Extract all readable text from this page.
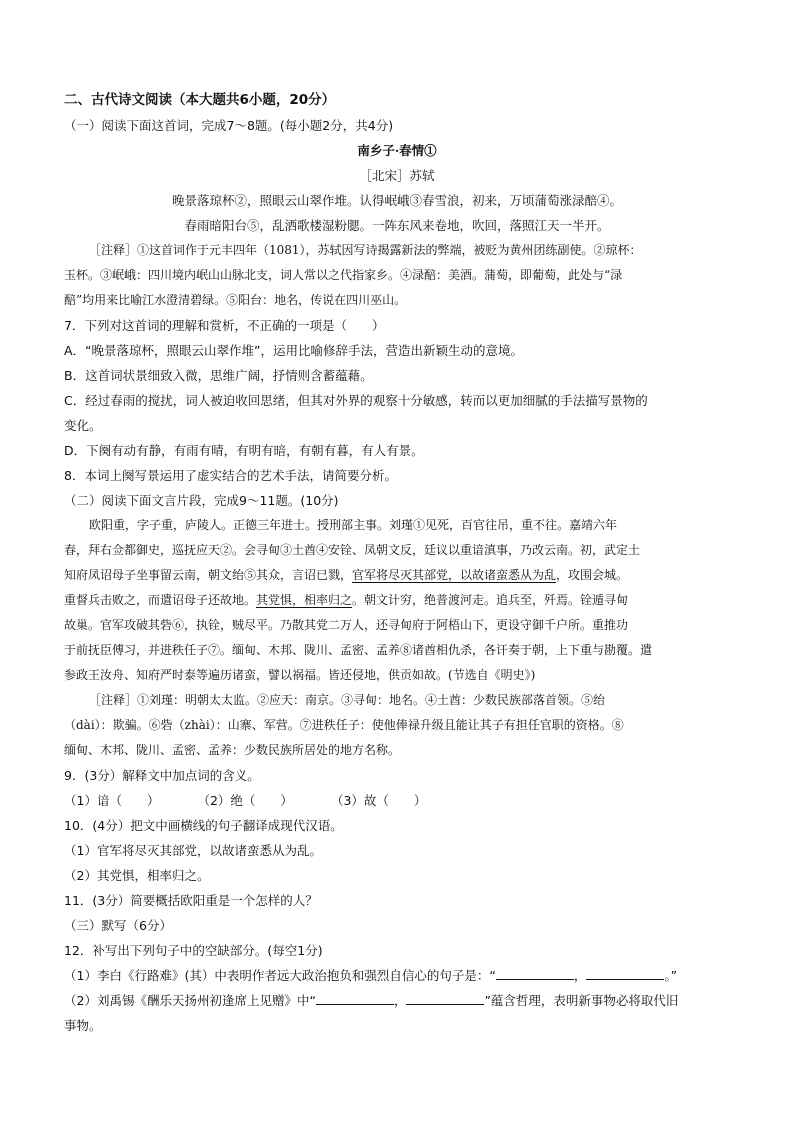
二、古代诗文阅读（本大题共6小题，20分）
（一）阅读下面这首词，完成7～8题。(每小题2分，共4分)
南乡子·春情①
［北宋］苏轼
晚景落琼杯②，照眼云山翠作堆。认得岷峨③春雪浪，初来，万顷蒲萄涨渌醅④。
春雨暗阳台⑤，乱洒歌楼湿粉腮。一阵东风来卷地，吹回，落照江天一半开。
［注释］①这首词作于元丰四年（1081），苏轼因写诗揭露新法的弊端，被贬为黄州团练副使。②琼杯：
玉杯。③岷峨：四川境内岷山山脉北支，词人常以之代指家乡。④渌醅：美酒。蒲萄，即葡萄，此处与“渌
醅”均用来比喻江水澄清碧绿。⑤阳台：地名，传说在四川巫山。
7．下列对这首词的理解和赏析，不正确的一项是（　　）
A．“晚景落琼杯，照眼云山翠作堆”，运用比喻修辞手法，营造出新颖生动的意境。
B．这首词状景细致入微，思维广阔，抒情则含蓄蕴藉。
C．经过春雨的搅扰，词人被迫收回思绪，但其对外界的观察十分敏感，转而以更加细腻的手法描写景物的
变化。
D．下阕有动有静，有雨有晴，有明有暗，有朝有暮，有人有景。
8．本词上阕写景运用了虚实结合的艺术手法，请简要分析。
（二）阅读下面文言片段，完成9～11题。(10分)
欧阳重，字子重，庐陵人。正德三年进士。授刑部主事。刘瑾①见死，百官往吊，重不往。嘉靖六年
春，拜右佥都御史，巡抚应天②。会寻甸③土酋④安铨、凤朝文反，廷议以重谙滇事，乃改云南。初，武定土
知府凤诏母子坐事留云南，朝文绐⑤其众，言诏已戮，官军将尽灭其部党，以故诸蛮悉从为乱，攻围会城。
重督兵击败之，而遣诏母子还故地。其党惧，相率归之。朝文计穷，绝普渡河走。追兵至，歼焉。铨遁寻甸
故巢。官军攻破其砦⑥，执铨，贼尽平。乃散其党二万人，还寻甸府于阿梧山下，更设守御千户所。重推功
于前抚臣傅习，并进秩任子⑦。缅甸、木邦、陇川、孟密、孟养⑧诸酋相仇杀，各讦奏于朝，上下重与勘覆。遣
参政王汝舟、知府严时泰等遍历诸蛮，譬以祸福。皆还侵地，供贡如故。(节选自《明史》)
［注释］①刘瑾：明朝太太监。②应天：南京。③寻甸：地名。④土酋：少数民族部落首领。⑤绐
（dài）：欺骗。⑥砦（zhài）：山寨、军营。⑦进秩任子：使他俸禄升级且能让其子有担任官职的资格。⑧
缅甸、木邦、陇川、孟密、孟养：少数民族所居处的地方名称。
9．(3分）解释文中加点词的含义。
（1）谙（　　）	（2）绝（　　）	（3）故（　　）
10．(4分）把文中画横线的句子翻译成现代汉语。
（1）官军将尽灭其部党，以故诸蛮悉从为乱。
（2）其党惧，相率归之。
11．(3分）简要概括欧阳重是一个怎样的人？
（三）默写（6分）
12．补写出下列句子中的空缺部分。(每空1分)
（1）李白《行路难》(其）中表明作者远大政治抱负和强烈自信心的句子是：“	，	。”
（2）刘禹锡《酬乐天扬州初逢席上见赠》中“	，	”蕴含哲理，表明新事物必将取代旧
事物。
